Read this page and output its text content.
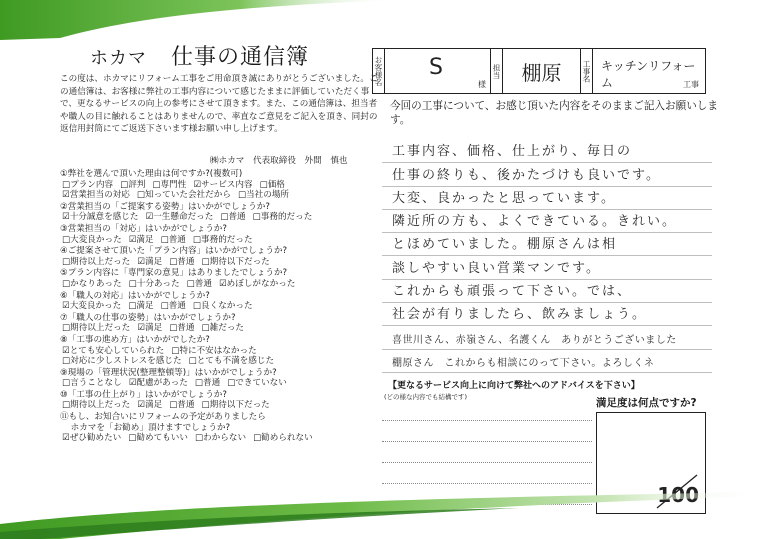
ホカマ 仕事の通信簿
この度は、ホカマにリフォーム工事をご用命頂き誠にありがとうございました。この通信簿は、お客様に弊社の工事内容について感じたままに評価していただく事で、更なるサービスの向上の参考にさせて頂きます。また、この通信簿は、担当者や職人の目に触れることはありませんので、率直なご意見をご記入を頂き、同封の返信用封筒にてご返送下さいます様お願い申し上げます。
㈱ホカマ　代表取締役　外間　慎也
①弊社を選んで頂いた理由は何ですか?(複数可)
□プラン内容 □評判 □専門性 ☑サービス内容 □価格
☑営業担当の対応 □知っていた会社だから □当社の場所
②営業担当の「ご提案する姿勢」はいかがでしょうか?
☑十分誠意を感じた ☑一生懸命だった □普通 □事務的だった
③営業担当の「対応」はいかがでしょうか?
□大変良かった ☑満足 □普通 □事務的だった
④ご提案させて頂いた「プラン内容」はいかがでしょうか?
□期待以上だった ☑満足 □普通 □期待以下だった
⑤プラン内容に「専門家の意見」はありましたでしょうか?
□かなりあった □十分あった □普通 ☑めぼしがなかった
⑥「職人の対応」はいかがでしょうか?
☑大変良かった □満足 □普通 □良くなかった
⑦「職人の仕事の姿勢」はいかがでしょうか?
□期待以上だった ☑満足 □普通 □雑だった
⑧「工事の進め方」はいかがでしたか?
☑とても安心していられた □特に不安はなかった
□対応に少しストレスを感じた □とても不満を感じた
⑨現場の「管理状況(整理整頓等)」はいかがでしょうか?
□言うことなし ☑配慮があった □普通 □できていない
⑩「工事の仕上がり」はいかがでしょうか?
□期待以上だった ☑満足 □普通 □期待以下だった
⑪もし、お知合いにリフォームの予定がありましたら
　ホカマを「お勧め」頂けますでしょうか?
☑ぜひ勧めたい □勧めてもいい □わからない □勧められない
お客様名 S
様
担当	棚原	工事名 キッチンリフォーム	工事
今回の工事について、お感じ頂いた内容をそのままご記入お願いします。
工事内容、価格、仕上がり、毎日の
仕事の終りも、後かたづけも良いです。
大変、良かったと思っています。
隣近所の方も、よくできている。きれい。
とほめていました。棚原さんは相
談しやすい良い営業マンです。
これからも頑張って下さい。では、
社会が有りましたら、飲みましょう。
喜世川さん、赤嶺さん、名護くん　ありがとうございました
棚原さん　これからも相談にのって下さい。よろしくネ
【更なるサービス向上に向けて弊社へのアドバイスを下さい】
(どの様な内容でも結構です)	満足度は何点ですか?
